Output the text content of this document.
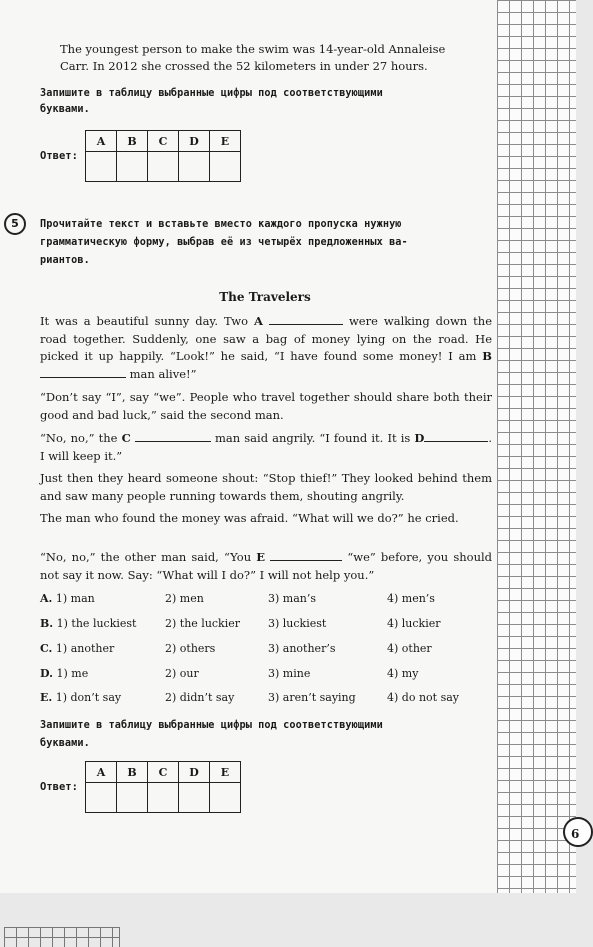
6
The youngest person to make the swim was 14-year-old Annaleise
Carr. In 2012 she crossed the 52 kilometers in under 27 hours.
Запишите в таблицу выбранные цифры под соответствующими
буквами.
Ответ:
A	B	C	D	E

5	Прочитайте текст и вставьте вместо каждого пропуска нужную
грамматическую форму, выбрав её из четырёх предложенных ва-
риантов.
The Travelers
It was a beautiful sunny day. Two A	were walking down the road together. Suddenly, one saw a bag of money lying on the road. He picked it up happily. “Look!” he said, “I have found some money! I am B  man alive!”
“Don’t say “I”, say “we”. People who travel together should share both their good and bad luck,” said the second man.
“No, no,” the C	man said angrily. “I found it. It is D	. I will keep it.”
Just then they heard someone shout: “Stop thief!” They looked behind them and saw many people running towards them, shouting angrily.
The man who found the money was afraid. “What will we do?” he cried.
“No, no,” the other man said, “You E	“we” before, you should not say it now. Say: “What will I do?” I will not help you.”
A. 1) man	2) men	3) man’s	4) men’s
B. 1) the luckiest	2) the luckier	3) luckiest	4) luckier
C. 1) another	2) others	3) another’s	4) other
D. 1) me	2) our	3) mine	4) my
E. 1) don’t say	2) didn’t say	3) aren’t saying	4) do not say
Запишите в таблицу выбранные цифры под соответствующими
буквами.
Ответ:
A	B	C	D	E
